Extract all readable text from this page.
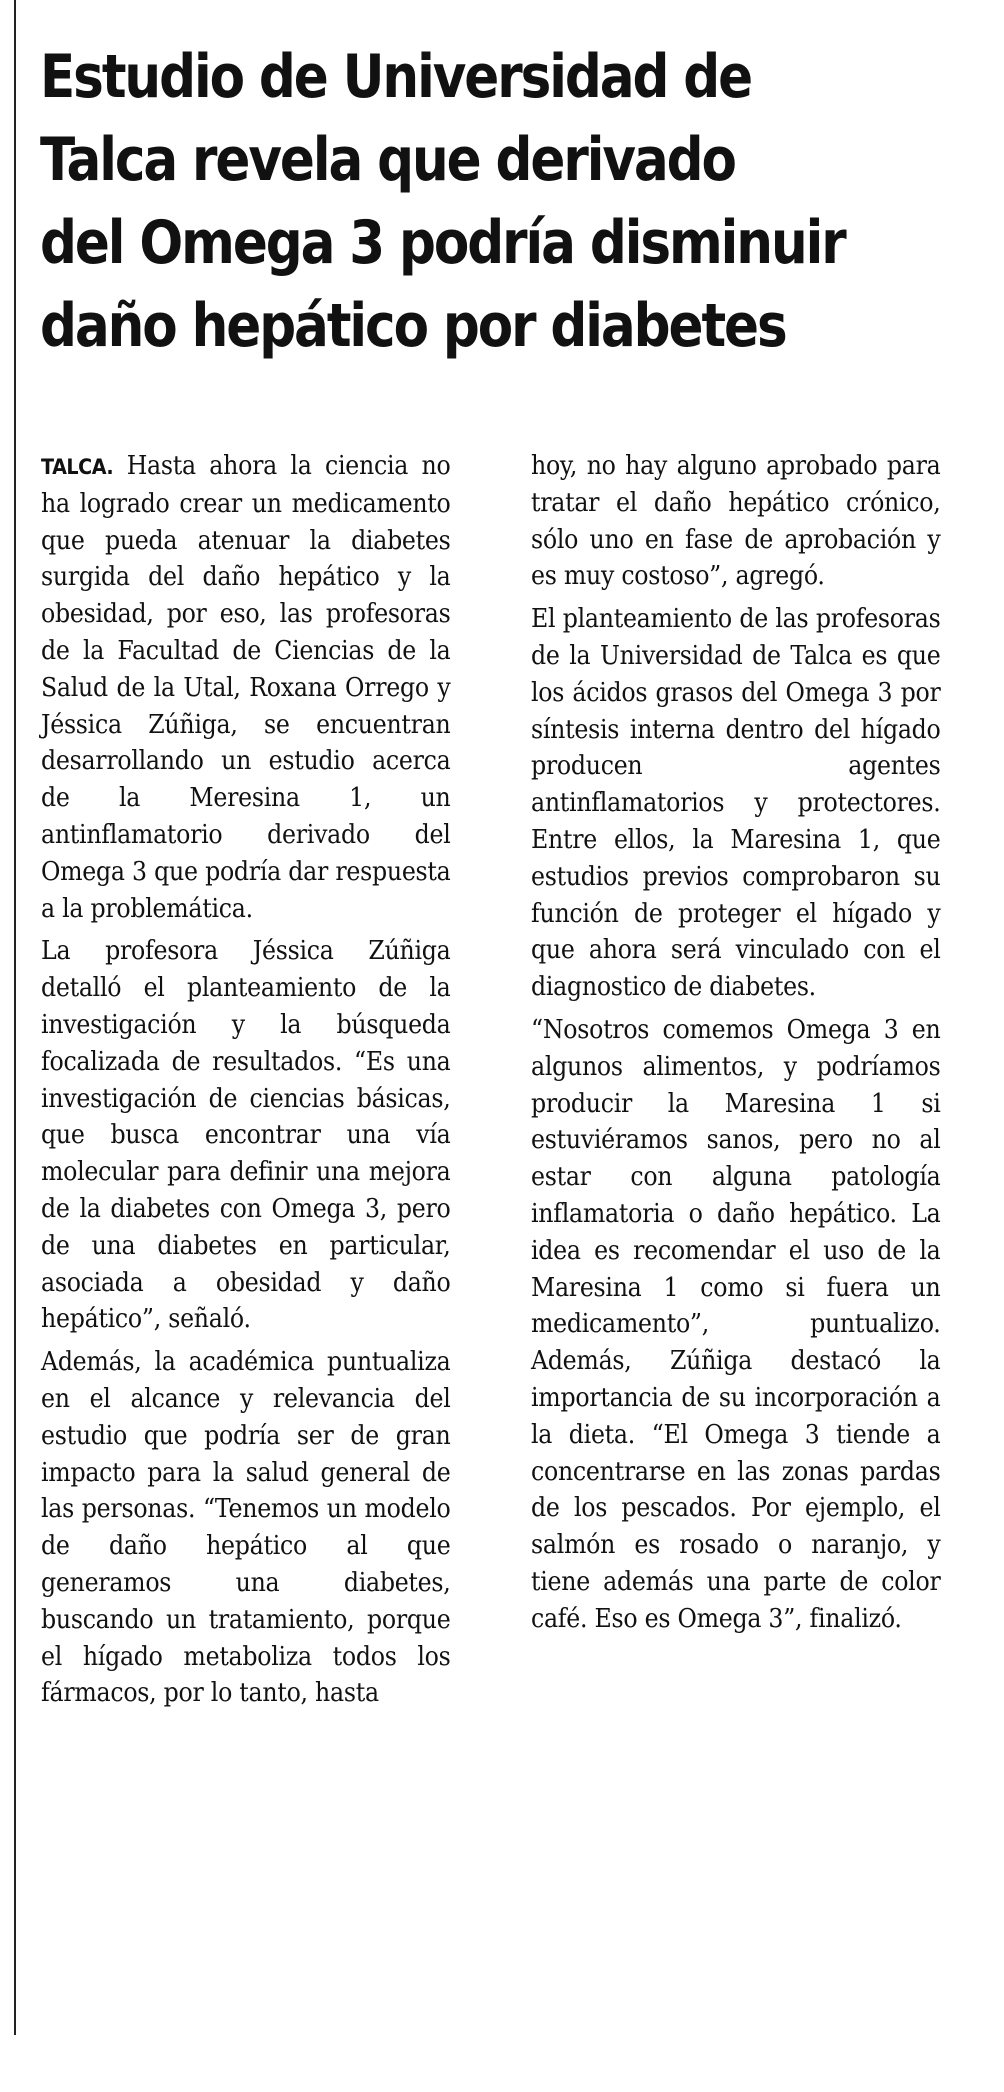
Estudio de Universidad de
Talca revela que derivado
del Omega 3 podría disminuir
daño hepático por diabetes

TALCA. Hasta ahora la ciencia no ha logrado crear un medicamento que pueda atenuar la diabetes surgida del daño hepático y la obesidad, por eso, las profesoras de la Facultad de Ciencias de la Salud de la Utal, Roxana Orrego y Jéssica Zúñiga, se encuentran desarrollando un estudio acerca de la Meresina 1, un antinflamatorio derivado del Omega 3 que podría dar respuesta a la problemática.

La profesora Jéssica Zúñiga detalló el planteamiento de la investigación y la búsqueda focalizada de resultados. “Es una investigación de ciencias básicas, que busca encontrar una vía molecular para definir una mejora de la diabetes con Omega 3, pero de una diabetes en particular, asociada a obesidad y daño hepático”, señaló.

Además, la académica puntualiza en el alcance y relevancia del estudio que podría ser de gran impacto para la salud general de las personas. “Tenemos un modelo de daño hepático al que generamos una diabetes, buscando un tratamiento, porque el hígado metaboliza todos los fármacos, por lo tanto, hasta

hoy, no hay alguno aprobado para tratar el daño hepático crónico, sólo uno en fase de aprobación y es muy costoso”, agregó.

El planteamiento de las profesoras de la Universidad de Talca es que los ácidos grasos del Omega 3 por síntesis interna dentro del hígado producen agentes antinflamatorios y protectores. Entre ellos, la Maresina 1, que estudios previos comprobaron su función de proteger el hígado y que ahora será vinculado con el diagnostico de diabetes.

“Nosotros comemos Omega 3 en algunos alimentos, y podríamos producir la Maresina 1 si estuviéramos sanos, pero no al estar con alguna patología inflamatoria o daño hepático. La idea es recomendar el uso de la Maresina 1 como si fuera un medicamento”, puntualizo. Además, Zúñiga destacó la importancia de su incorporación a la dieta. “El Omega 3 tiende a concentrarse en las zonas pardas de los pescados. Por ejemplo, el salmón es rosado o naranjo, y tiene además una parte de color café. Eso es Omega 3”, finalizó.
